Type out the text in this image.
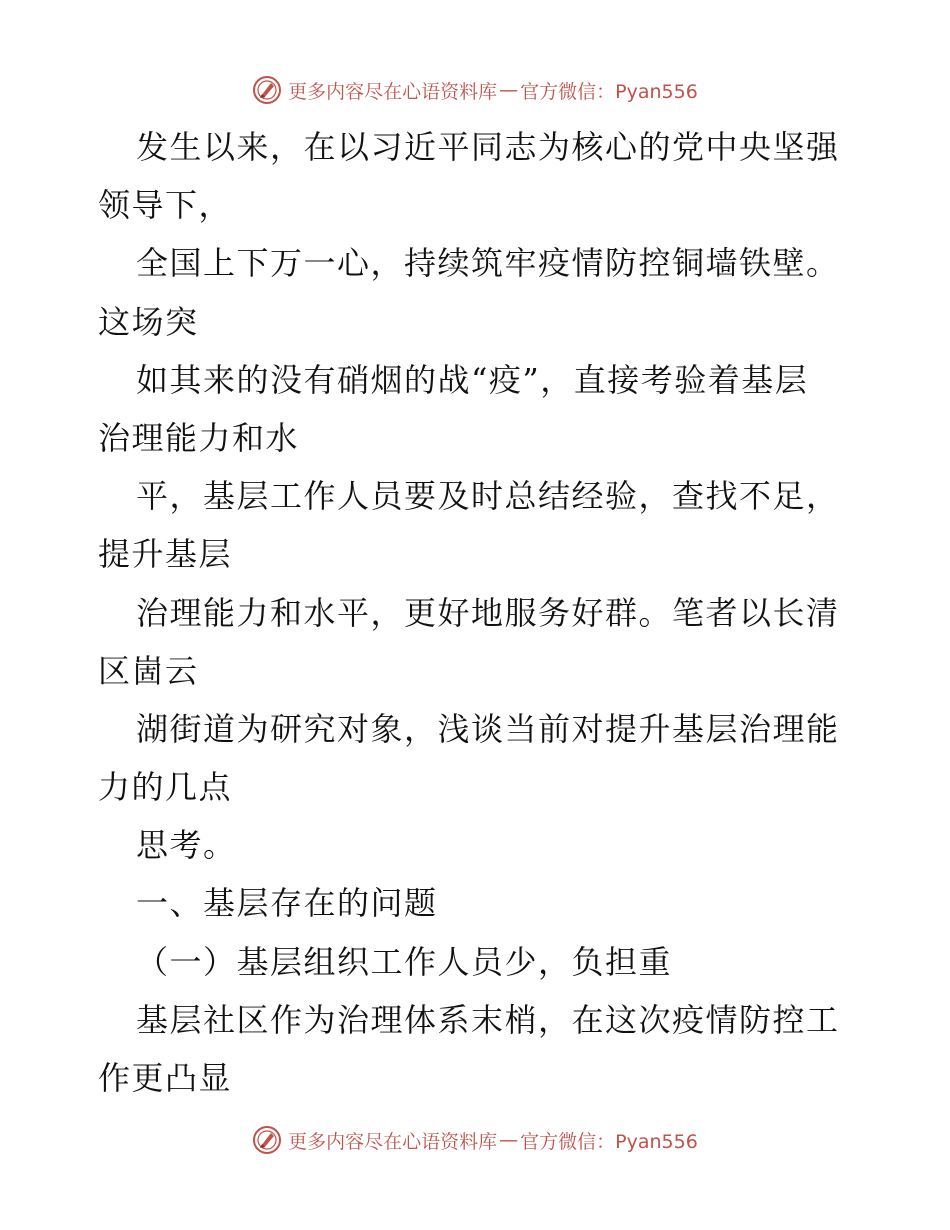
更多内容尽在心语资料库 — 官方微信：Pyan556
发生以来，在以习近平同志为核心的党中央坚强
领导下，
全国上下万一心，持续筑牢疫情防控铜墙铁壁。
这场突
如其来的没有硝烟的战“疫”，直接考验着基层
治理能力和水
平，基层工作人员要及时总结经验，查找不足，
提升基层
治理能力和水平，更好地服务好群。笔者以长清
区崮云
湖街道为研究对象，浅谈当前对提升基层治理能
力的几点
思考。
一、基层存在的问题
（一）基层组织工作人员少，负担重
基层社区作为治理体系末梢，在这次疫情防控工
作更凸显
更多内容尽在心语资料库 — 官方微信：Pyan556
